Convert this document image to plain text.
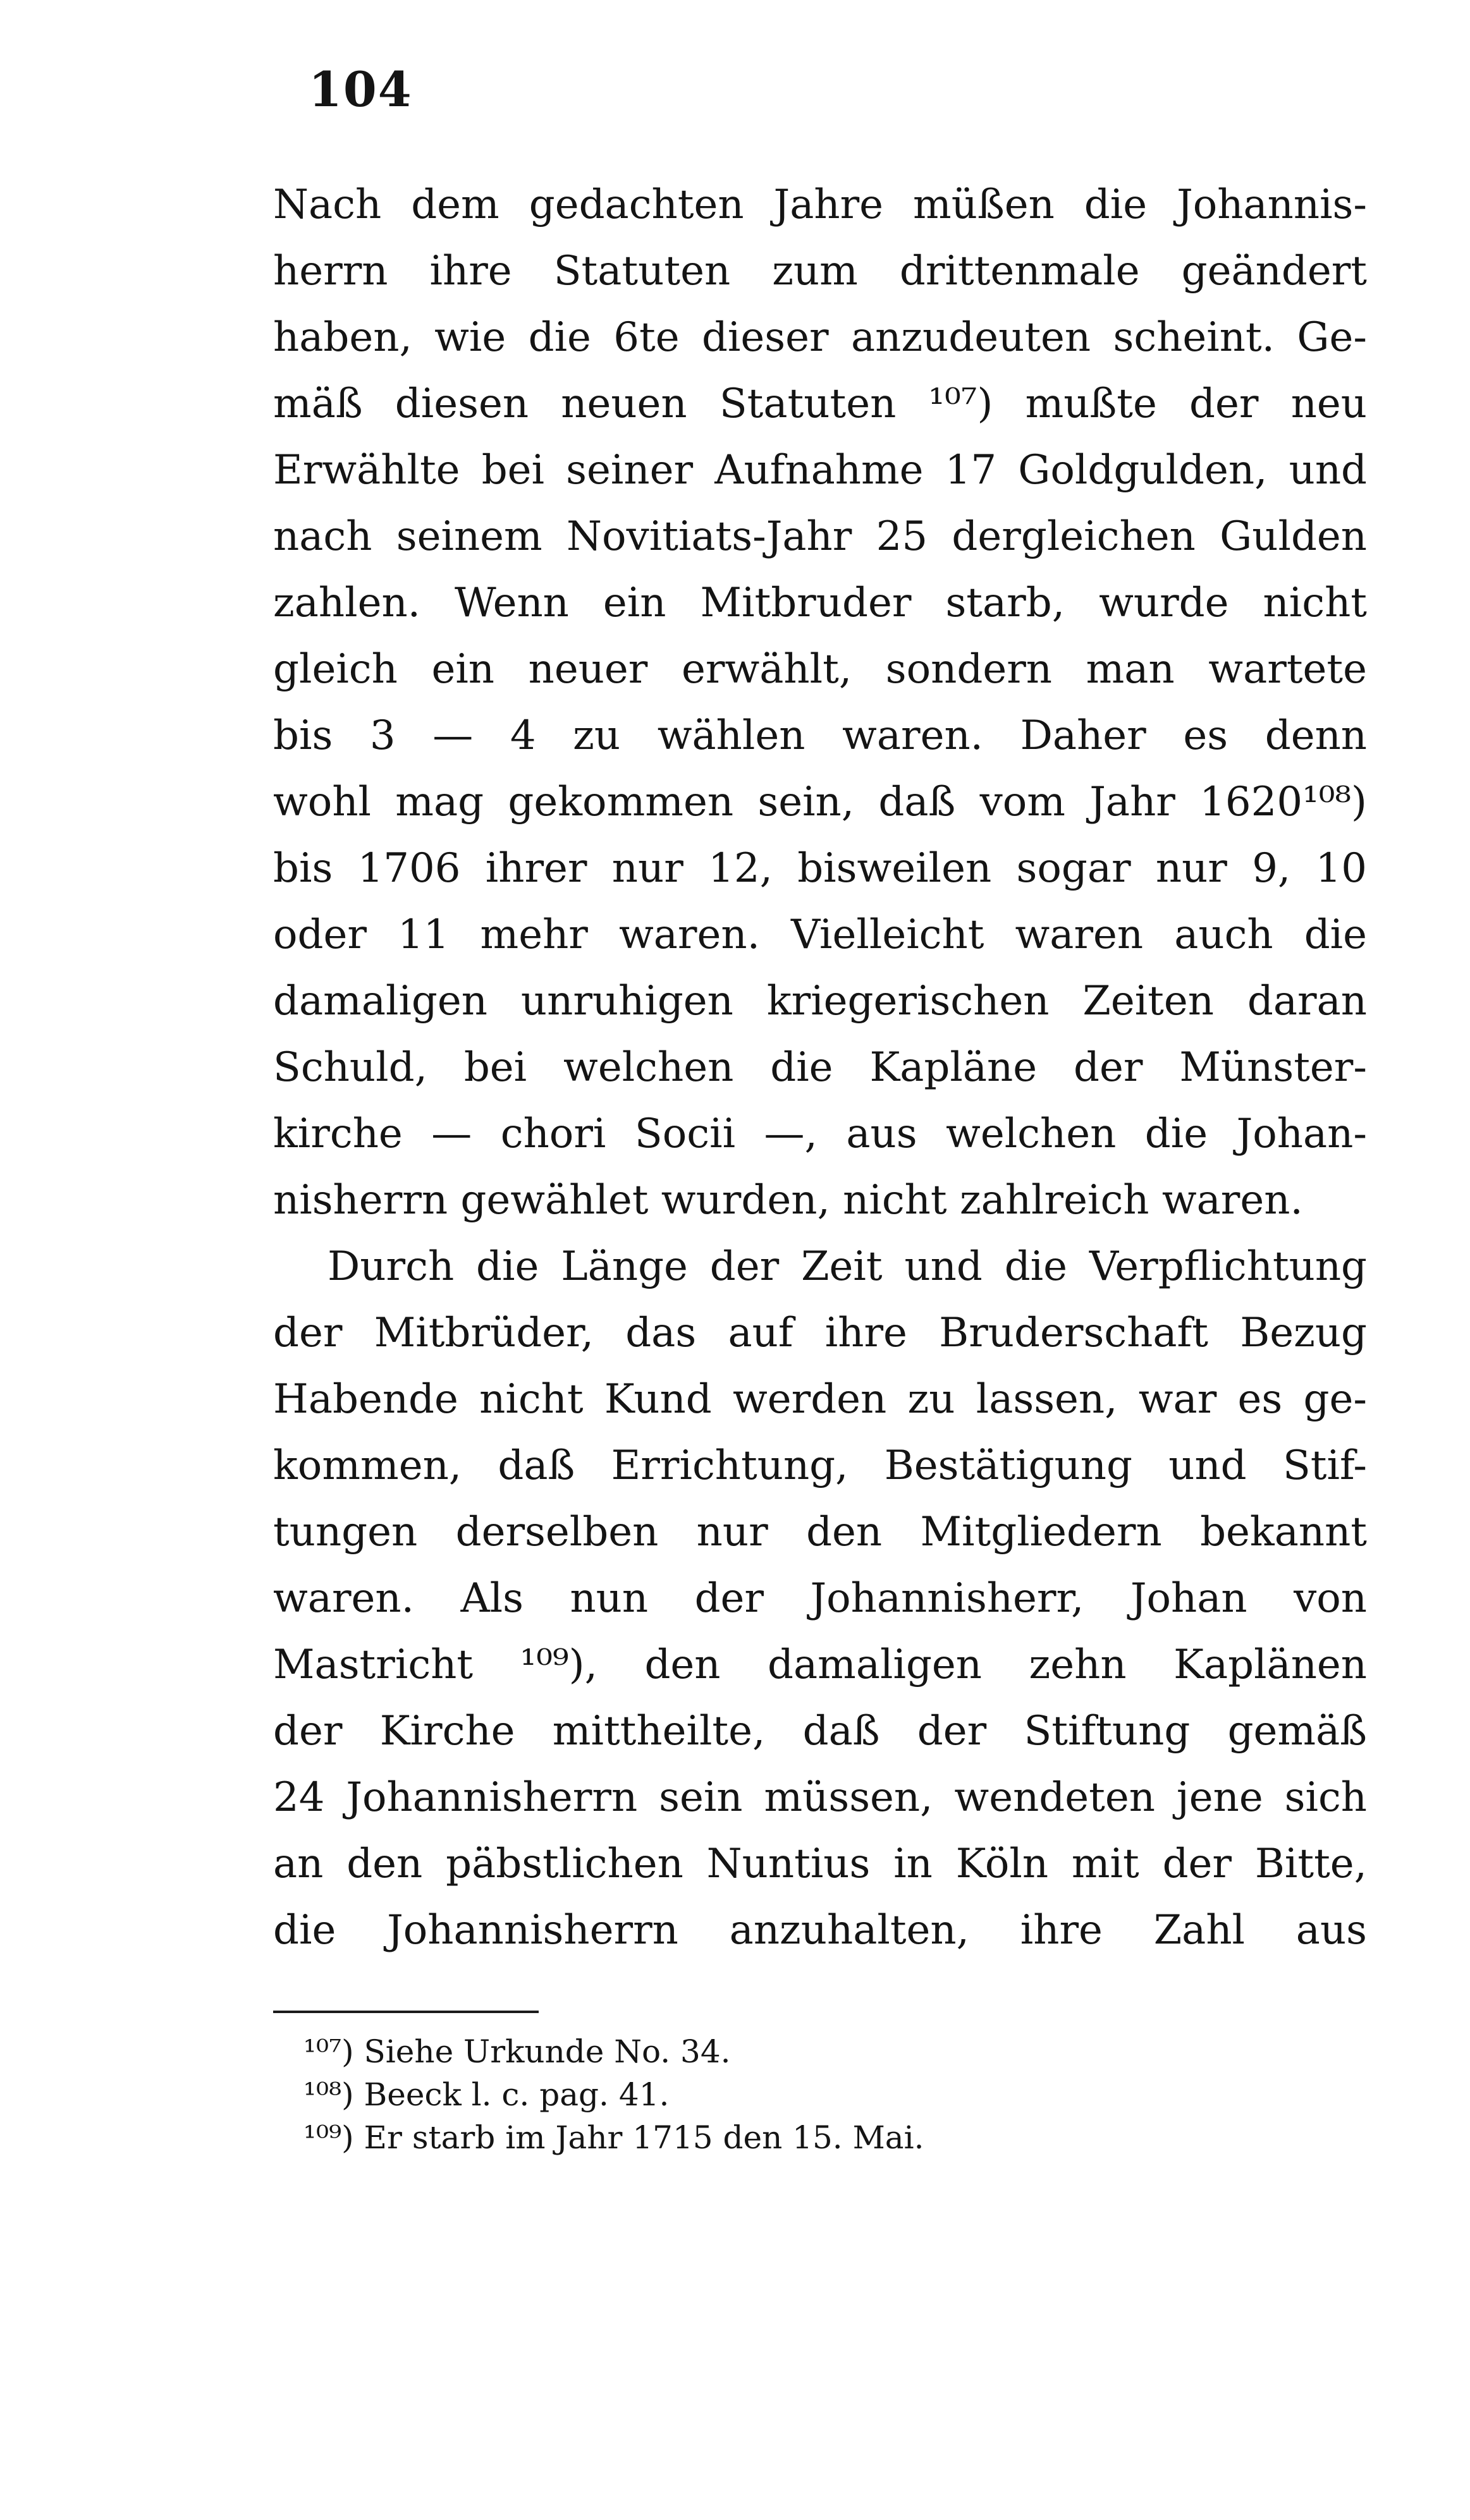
104
Nach dem gedachten Jahre müßen die Johannis-
herrn ihre Statuten zum drittenmale geändert
haben, wie die 6te dieser anzudeuten scheint. Ge-
mäß diesen neuen Statuten ¹⁰⁷) mußte der neu
Erwählte bei seiner Aufnahme 17 Goldgulden, und
nach seinem Novitiats-Jahr 25 dergleichen Gulden
zahlen. Wenn ein Mitbruder starb, wurde nicht
gleich ein neuer erwählt, sondern man wartete
bis 3 — 4 zu wählen waren. Daher es denn
wohl mag gekommen sein, daß vom Jahr 1620¹⁰⁸)
bis 1706 ihrer nur 12, bisweilen sogar nur 9, 10
oder 11 mehr waren. Vielleicht waren auch die
damaligen unruhigen kriegerischen Zeiten daran
Schuld, bei welchen die Kapläne der Münster-
kirche — chori Socii —, aus welchen die Johan-
nisherrn gewählet wurden, nicht zahlreich waren.
Durch die Länge der Zeit und die Verpflichtung
der Mitbrüder, das auf ihre Bruderschaft Bezug
Habende nicht Kund werden zu lassen, war es ge-
kommen, daß Errichtung, Bestätigung und Stif-
tungen derselben nur den Mitgliedern bekannt
waren. Als nun der Johannisherr, Johan von
Mastricht ¹⁰⁹), den damaligen zehn Kaplänen
der Kirche mittheilte, daß der Stiftung gemäß
24 Johannisherrn sein müssen, wendeten jene sich
an den päbstlichen Nuntius in Köln mit der Bitte,
die Johannisherrn anzuhalten, ihre Zahl aus
¹⁰⁷) Siehe Urkunde No. 34.
¹⁰⁸) Beeck l. c. pag. 41.
¹⁰⁹) Er starb im Jahr 1715 den 15. Mai.
